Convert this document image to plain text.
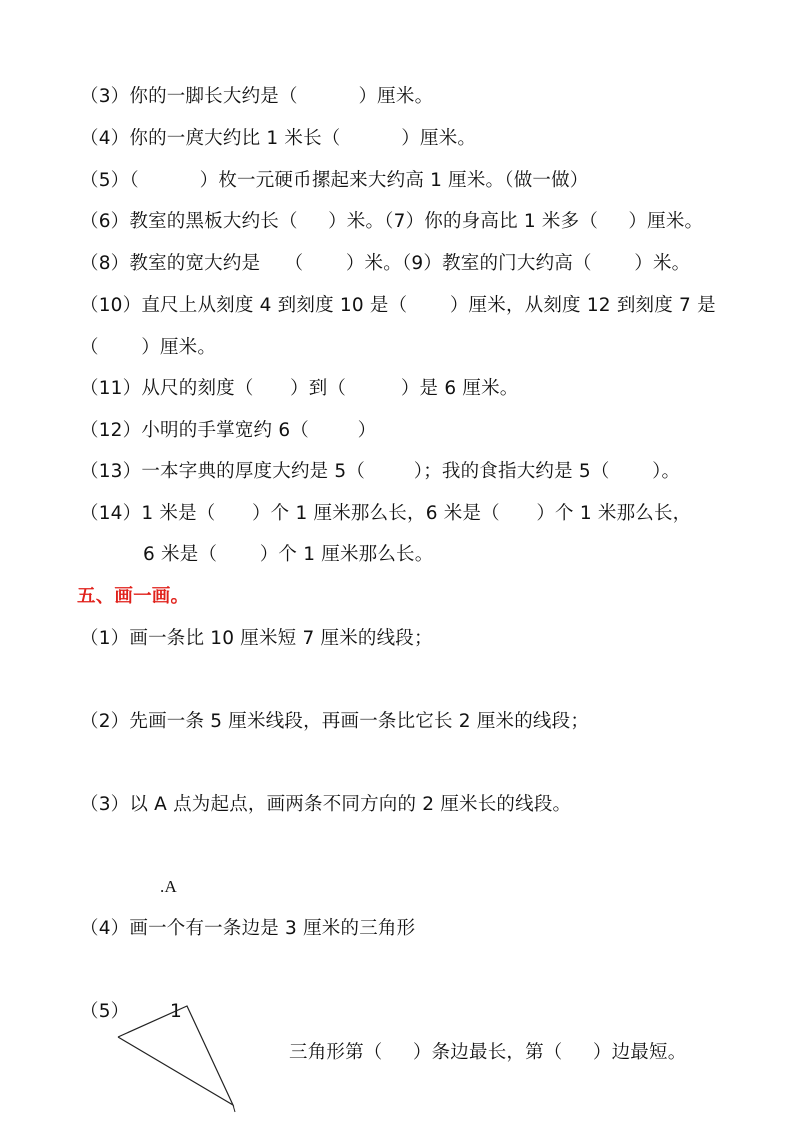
（3）你的一脚长大约是（          ）厘米。
（4）你的一庹大约比 1 米长（          ）厘米。
（5）（          ）枚一元硬币摞起来大约高 1 厘米。（做一做）
（6）教室的黑板大约长（     ）米。（7）你的身高比 1 米多（     ）厘米。
（8）教室的宽大约是    （       ）米。（9）教室的门大约高（       ）米。
（10）直尺上从刻度 4 到刻度 10 是（       ）厘米，从刻度 12 到刻度 7 是
（       ）厘米。
（11）从尺的刻度（      ）到（         ）是 6 厘米。
（12）小明的手掌宽约 6（        ）
（13）一本字典的厚度大约是 5（        ）；我的食指大约是 5（       ）。
（14）1 米是（      ）个 1 厘米那么长，6 米是（      ）个 1 米那么长，
6 米是（       ）个 1 厘米那么长。
五、画一画。
（1）画一条比 10 厘米短 7 厘米的线段；
（2）先画一条 5 厘米线段，再画一条比它长 2 厘米的线段；
（3）以 A 点为起点，画两条不同方向的 2 厘米长的线段。
.A
（4）画一个有一条边是 3 厘米的三角形
（5） 1
三角形第（     ）条边最长，第（     ）边最短。
